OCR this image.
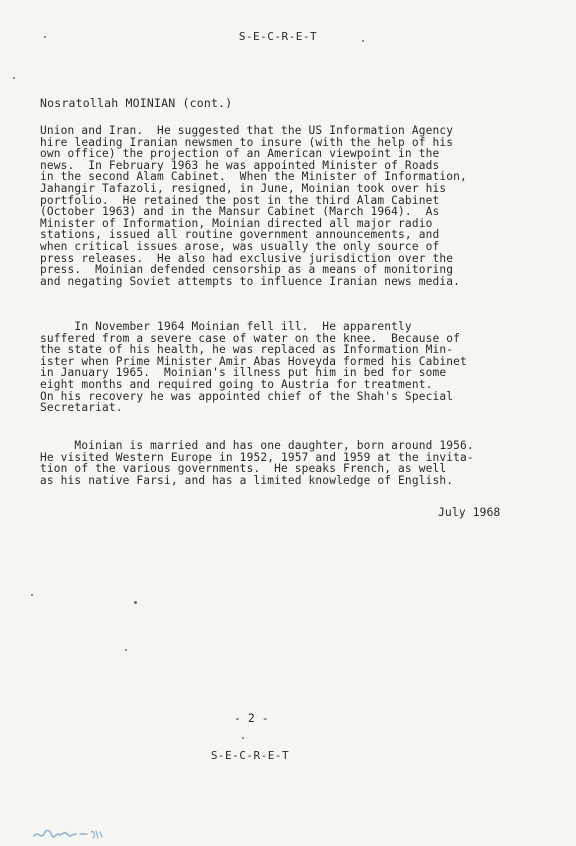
S-E-C-R-E-T
Nosratollah MOINIAN (cont.)

Union and Iran.  He suggested that the US Information Agency
hire leading Iranian newsmen to insure (with the help of his
own office) the projection of an American viewpoint in the
news.  In February 1963 he was appointed Minister of Roads
in the second Alam Cabinet.  When the Minister of Information,
Jahangir Tafazoli, resigned, in June, Moinian took over his
portfolio.  He retained the post in the third Alam Cabinet
(October 1963) and in the Mansur Cabinet (March 1964).  As
Minister of Information, Moinian directed all major radio
stations, issued all routine government announcements, and
when critical issues arose, was usually the only source of
press releases.  He also had exclusive jurisdiction over the
press.  Moinian defended censorship as a means of monitoring
and negating Soviet attempts to influence Iranian news media.

In November 1964 Moinian fell ill.  He apparently
suffered from a severe case of water on the knee.  Because of
the state of his health, he was replaced as Information Min-
ister when Prime Minister Amir Abas Hoveyda formed his Cabinet
in January 1965.  Moinian's illness put him in bed for some
eight months and required going to Austria for treatment.
On his recovery he was appointed chief of the Shah's Special
Secretariat.

Moinian is married and has one daughter, born around 1956.
He visited Western Europe in 1952, 1957 and 1959 at the invita-
tion of the various governments.  He speaks French, as well
as his native Farsi, and has a limited knowledge of English.

July 1968
- 2 -
S-E-C-R-E-T
